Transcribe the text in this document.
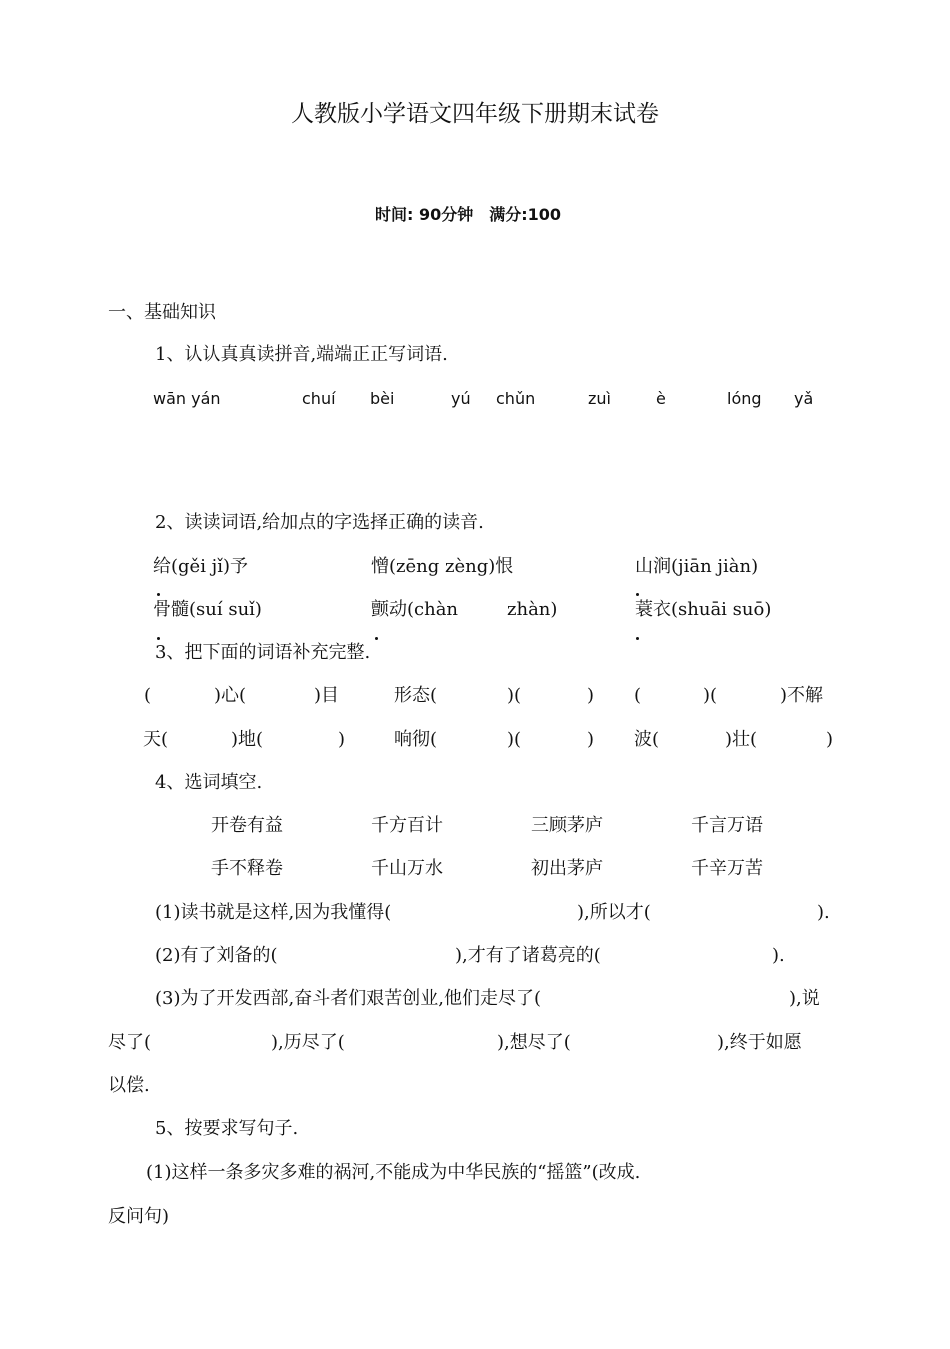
人教版小学语文四年级下册期末试卷
时间: 90分钟　满分:100
一、基础知识
1、认认真真读拼音,端端正正写词语.
wān yán	chuí bèi	yú chǔn	zuì	è	lóng yǎ
2、读读词语,给加点的字选择正确的读音.
给(gěi jǐ)予	憎(zēng zèng)恨	山涧(jiān jiàn)
骨髓(suí suǐ)	颤动(chàn	zhàn)	蓑衣(shuāi suō)
3、把下面的词语补充完整.
(	)心(	)目	形态(	)(	) (	)(	)不解
天(	)地(	)	响彻(	)(	) 波(	)壮(	)
4、选词填空.
开卷有益	千方百计	三顾茅庐	千言万语
手不释卷	千山万水	初出茅庐	千辛万苦
(1)读书就是这样,因为我懂得(	),所以才(	).
(2)有了刘备的(	),才有了诸葛亮的(	).
(3)为了开发西部,奋斗者们艰苦创业,他们走尽了(	),说
尽了(	),历尽了(	),想尽了(	),终于如愿
以偿.
5、按要求写句子.
(1)这样一条多灾多难的祸河,不能成为中华民族的“摇篮”(改成.
反问句)
